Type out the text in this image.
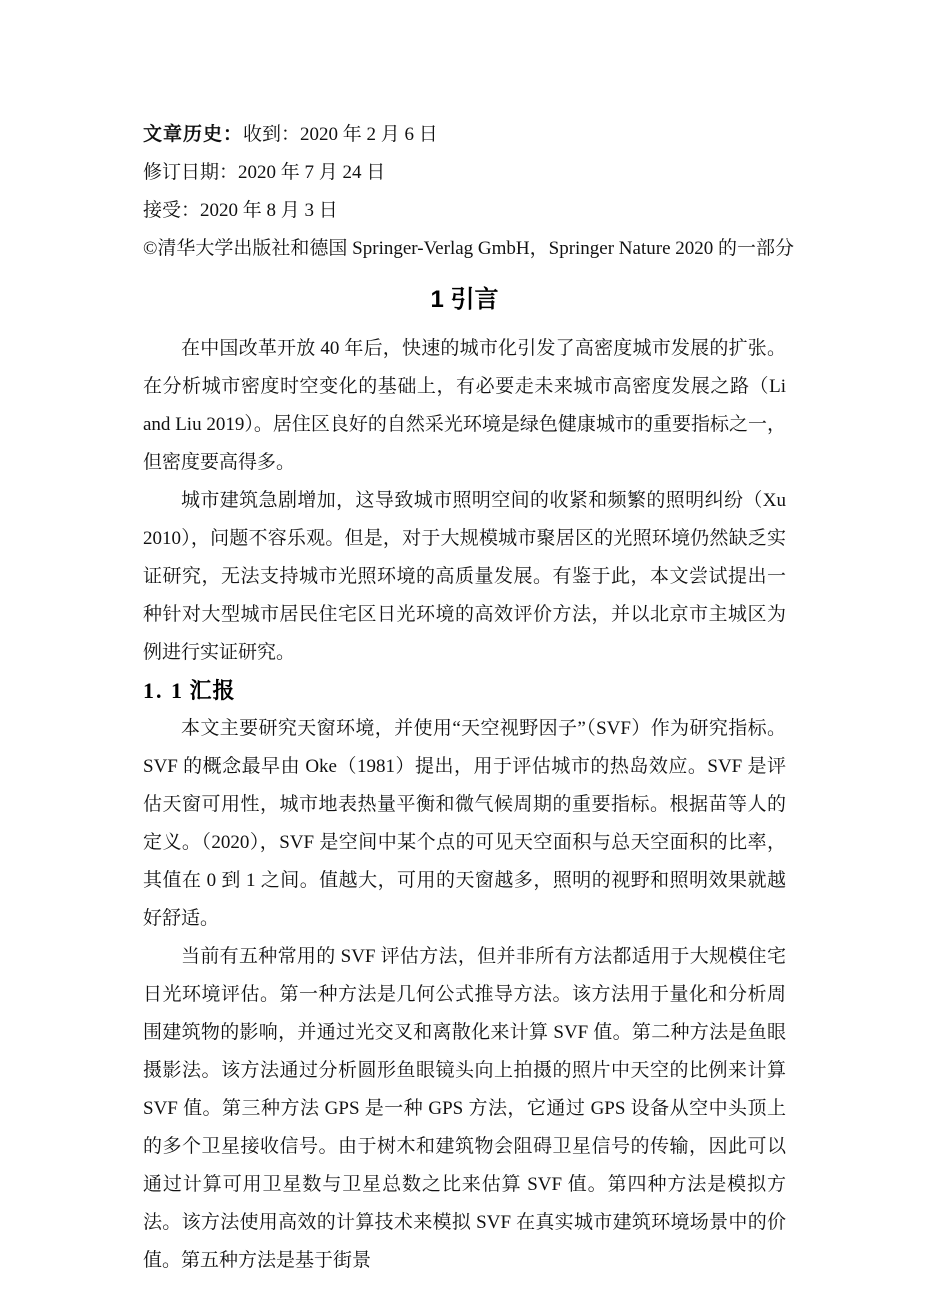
文章历史：收到：2020 年 2 月 6 日

修订日期：2020 年 7 月 24 日

接受：2020 年 8 月 3 日

©清华大学出版社和德国 Springer-Verlag GmbH，Springer Nature 2020 的一部分

1 引言

在中国改革开放 40 年后，快速的城市化引发了高密度城市发展的扩张。在分析城市密度时空变化的基础上，有必要走未来城市高密度发展之路（Li and Liu 2019）。居住区良好的自然采光环境是绿色健康城市的重要指标之一，但密度要高得多。

城市建筑急剧增加，这导致城市照明空间的收紧和频繁的照明纠纷（Xu 2010），问题不容乐观。但是，对于大规模城市聚居区的光照环境仍然缺乏实证研究，无法支持城市光照环境的高质量发展。有鉴于此，本文尝试提出一种针对大型城市居民住宅区日光环境的高效评价方法，并以北京市主城区为例进行实证研究。

1. 1 汇报

本文主要研究天窗环境，并使用“天空视野因子”（SVF）作为研究指标。SVF 的概念最早由 Oke（1981）提出，用于评估城市的热岛效应。SVF 是评估天窗可用性，城市地表热量平衡和微气候周期的重要指标。根据苗等人的定义。（2020），SVF 是空间中某个点的可见天空面积与总天空面积的比率，其值在 0 到 1 之间。值越大，可用的天窗越多，照明的视野和照明效果就越好舒适。

当前有五种常用的 SVF 评估方法，但并非所有方法都适用于大规模住宅日光环境评估。第一种方法是几何公式推导方法。该方法用于量化和分析周围建筑物的影响，并通过光交叉和离散化来计算 SVF 值。第二种方法是鱼眼摄影法。该方法通过分析圆形鱼眼镜头向上拍摄的照片中天空的比例来计算 SVF 值。第三种方法 GPS 是一种 GPS 方法，它通过 GPS 设备从空中头顶上的多个卫星接收信号。由于树木和建筑物会阻碍卫星信号的传输，因此可以通过计算可用卫星数与卫星总数之比来估算 SVF 值。第四种方法是模拟方法。该方法使用高效的计算技术来模拟 SVF 在真实城市建筑环境场景中的价值。第五种方法是基于街景
